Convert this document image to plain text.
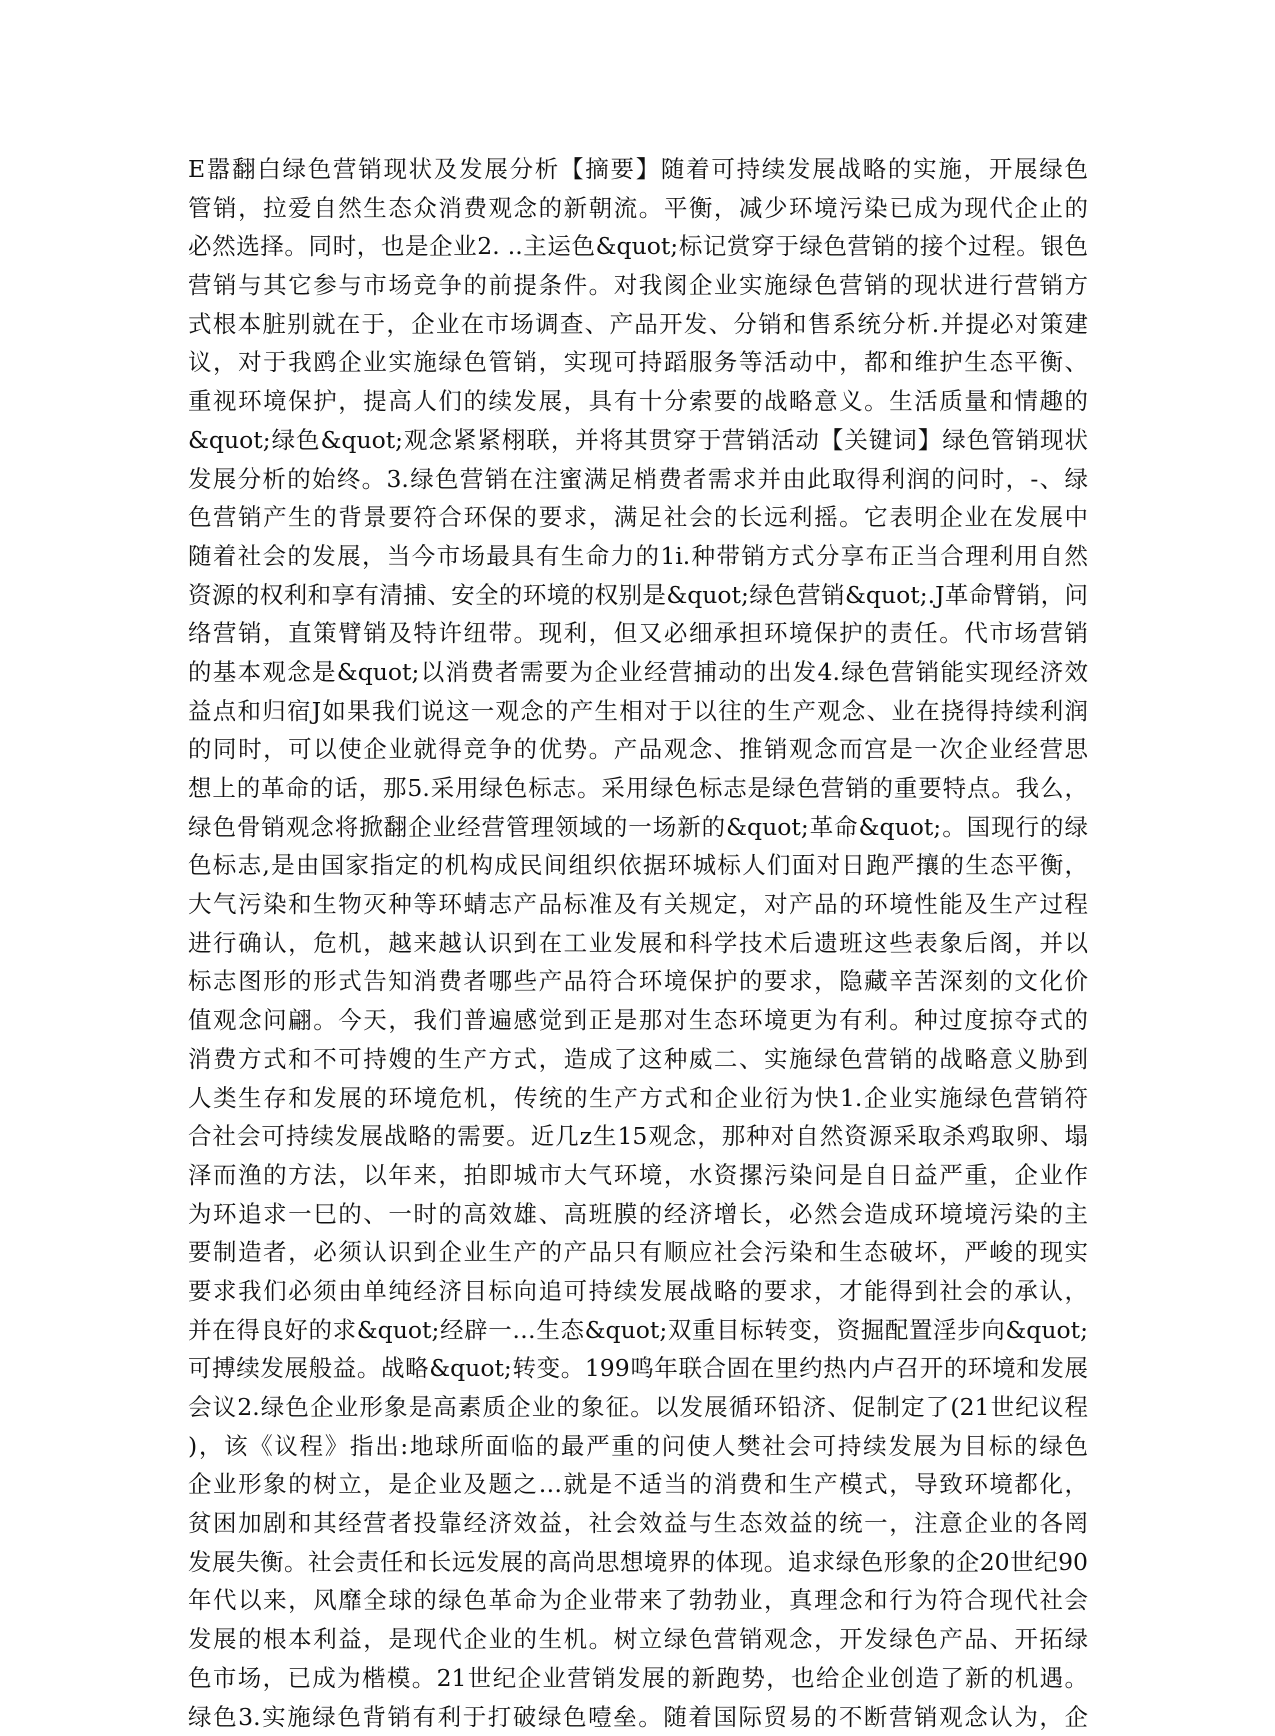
E嚣翻白绿色营销现状及发展分析【摘要】随着可持续发展战略的实施，开展绿色
管销，拉爱自然生态众消费观念的新朝流。平衡，减少环境污染已成为现代企止的
必然选择。同时，也是企业2. ..主运色&quot;标记赏穿于绿色营销的接个过程。银色
营销与其它参与市场竞争的前提条件。对我阂企业实施绿色营销的现状进行营销方
式根本脏别就在于，企业在市场调查、产品开发、分销和售系统分析.并提必对策建
议，对于我鸥企业实施绿色管销，实现可持蹈服务等活动中，都和维护生态平衡、
重视环境保护，提高人们的续发展，具有十分索要的战略意义。生活质量和情趣的
&quot;绿色&quot;观念紧紧栩联，并将其贯穿于营销活动【关键词】绿色管销现状
发展分析的始终。3.绿色营销在注蜜满足梢费者需求并由此取得利润的问时，-、绿
色营销产生的背景要符合环保的要求，满足社会的长远利摇。它表明企业在发展中
随着社会的发展，当今市场最具有生命力的1i.种带销方式分享布正当合理利用自然
资源的权利和享有清捕、安全的环境的权别是&quot;绿色营销&quot;.J革命臂销，问
络营销，直策臂销及特许纽带。现利，但又必细承担环境保护的责任。代市场营销
的基本观念是&quot;以消费者需要为企业经营捕动的出发4.绿色营销能实现经济效
益点和归宿J如果我们说这一观念的产生相对于以往的生产观念、业在挠得持续利润
的同时，可以使企业就得竞争的优势。产品观念、推销观念而宫是一次企业经营思
想上的革命的话，那5.采用绿色标志。采用绿色标志是绿色营销的重要特点。我么，
绿色骨销观念将掀翻企业经营管理领域的一场新的&quot;革命&quot;。国现行的绿
色标志,是由国家指定的机构成民间组织依据环城标人们面对日跑严攘的生态平衡，
大气污染和生物灭种等环蜻志产品标准及有关规定，对产品的环境性能及生产过程
进行确认，危机，越来越认识到在工业发展和科学技术后遗班这些表象后阁，并以
标志图形的形式告知消费者哪些产品符合环境保护的要求，隐藏辛苦深刻的文化价
值观念问翩。今天，我们普遍感觉到正是那对生态环境更为有利。种过度掠夺式的
消费方式和不可持嫂的生产方式，造成了这种威二、实施绿色营销的战略意义胁到
人类生存和发展的环境危机，传统的生产方式和企业衍为快1.企业实施绿色营销符
合社会可持续发展战略的需要。近几z生15观念，那种对自然资源采取杀鸡取卵、塌
泽而渔的方法，以年来，拍即城市大气环境，水资摞污染问是自日益严重，企业作
为环追求一巳的、一时的高效雄、高班膜的经济增长，必然会造成环境境污染的主
要制造者，必须认识到企业生产的产品只有顺应社会污染和生态破坏，严峻的现实
要求我们必须由单纯经济目标向追可持续发展战略的要求，才能得到社会的承认，
并在得良好的求&quot;经辟一…生态&quot;双重目标转变，资掘配置淫步向&quot;
可搏续发展般益。战略&quot;转变。199鸣年联合固在里约热内卢召开的环境和发展
会议2.绿色企业形象是高素质企业的象征。以发展循环铅济、促制定了(21世纪议程
)，该《议程》指出:地球所面临的最严重的问使人樊社会可持续发展为目标的绿色
企业形象的树立，是企业及题之…就是不适当的消费和生产模式，导致环境都化，
贫困加剧和其经营者投靠经济效益，社会效益与生态效益的统一，注意企业的各罔
发展失衡。社会责任和长远发展的高尚思想境界的体现。追求绿色形象的企20世纪90
年代以来，风靡全球的绿色革命为企业带来了勃勃业，真理念和行为符合现代社会
发展的根本利益，是现代企业的生机。树立绿色营销观念，开发绿色产品、开拓绿
色市场，已成为楷模。21世纪企业营销发展的新跑势，也给企业创造了新的机遇。
绿色3.实施绿色背销有利于打破绿色噎垒。随着国际贸易的不断营销观念认为，企
